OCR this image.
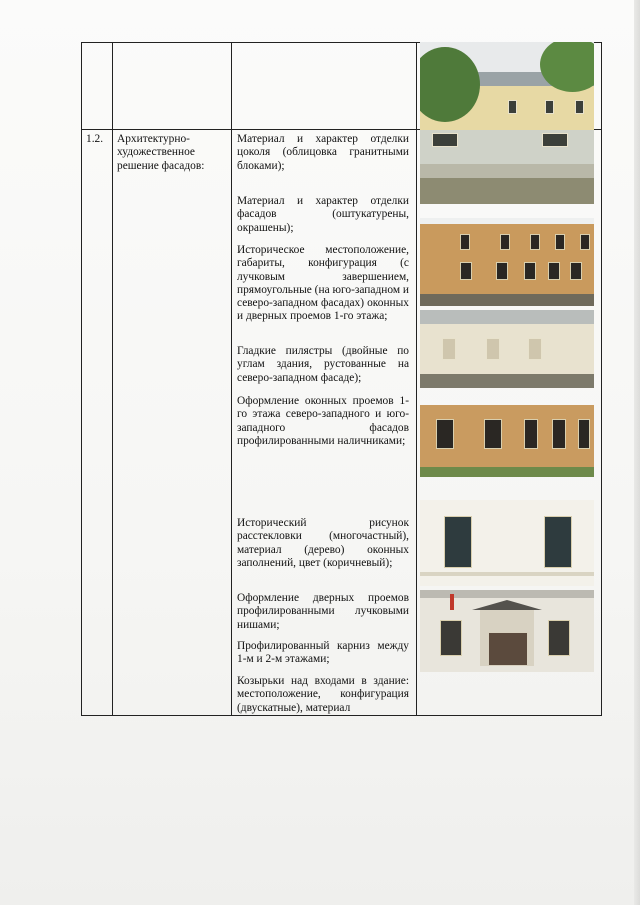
1.2.	Архитектурно-художественное решение фасадов:
Материал и характер отделки цоколя (облицовка гранитными блоками);
Материал и характер отделки фасадов (оштукатурены, окрашены);
Историческое местоположение, габариты, конфигурация (с лучковым завершением, прямоугольные (на юго-западном и северо-западном фасадах) оконных и дверных проемов 1-го этажа;
Гладкие пилястры (двойные по углам здания, рустованные на северо-западном фасаде);
Оформление оконных проемов 1-го этажа северо-западного и юго-западного фасадов профилированными наличниками;
Исторический рисунок расстекловки (многочастный), материал (дерево) оконных заполнений, цвет (коричневый);
Оформление дверных проемов профилированными лучковыми нишами;
Профилированный карниз между 1-м и 2-м этажами;
Козырьки над входами в здание: местоположение, конфигурация (двускатные), материал
